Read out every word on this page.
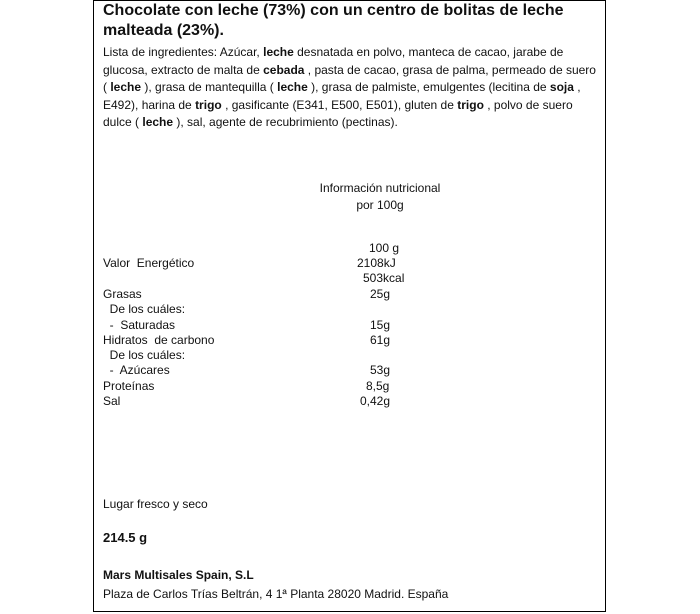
Chocolate con leche (73%) con un centro de bolitas de leche malteada (23%).

Lista de ingredientes: Azúcar, leche desnatada en polvo, manteca de cacao, jarabe de glucosa, extracto de malta de cebada , pasta de cacao, grasa de palma, permeado de suero ( leche ), grasa de mantequilla ( leche ), grasa de palmiste, emulgentes (lecitina de soja , E492), harina de trigo , gasificante (E341, E500, E501), gluten de trigo , polvo de suero dulce ( leche ), sal, agente de recubrimiento (pectinas).

Información nutricional
por 100g
100 g
Valor  Energético	2108kJ
503kcal
Grasas	25g
De los cuáles:
-  Saturadas	15g
Hidratos  de carbono	61g
De los cuáles:
-  Azúcares	53g
Proteínas	8,5g
Sal	0,42g
Lugar fresco y seco
214.5 g
Mars Multisales Spain, S.L
Plaza de Carlos Trías Beltrán, 4 1ª Planta 28020 Madrid. España
